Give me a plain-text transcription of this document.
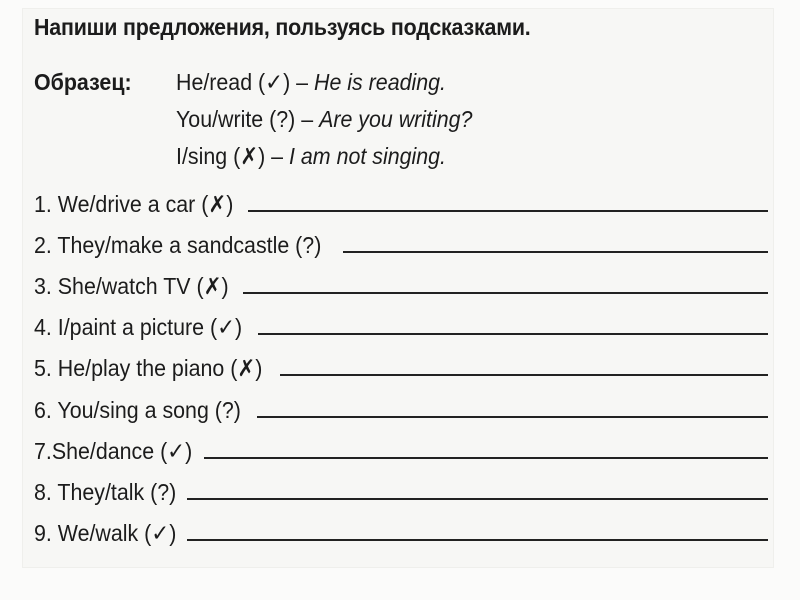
Напиши предложения, пользуясь подсказками.
Образец: He/read (✓) – He is reading.
You/write (?) – Are you writing?
I/sing (✗) – I am not singing.
1. We/drive a car (✗)
2. They/make a sandcastle (?)
3. She/watch TV (✗)
4. I/paint a picture (✓)
5. He/play the piano (✗)
6. You/sing a song (?)
7.She/dance (✓)
8. They/talk (?)
9. We/walk (✓)
